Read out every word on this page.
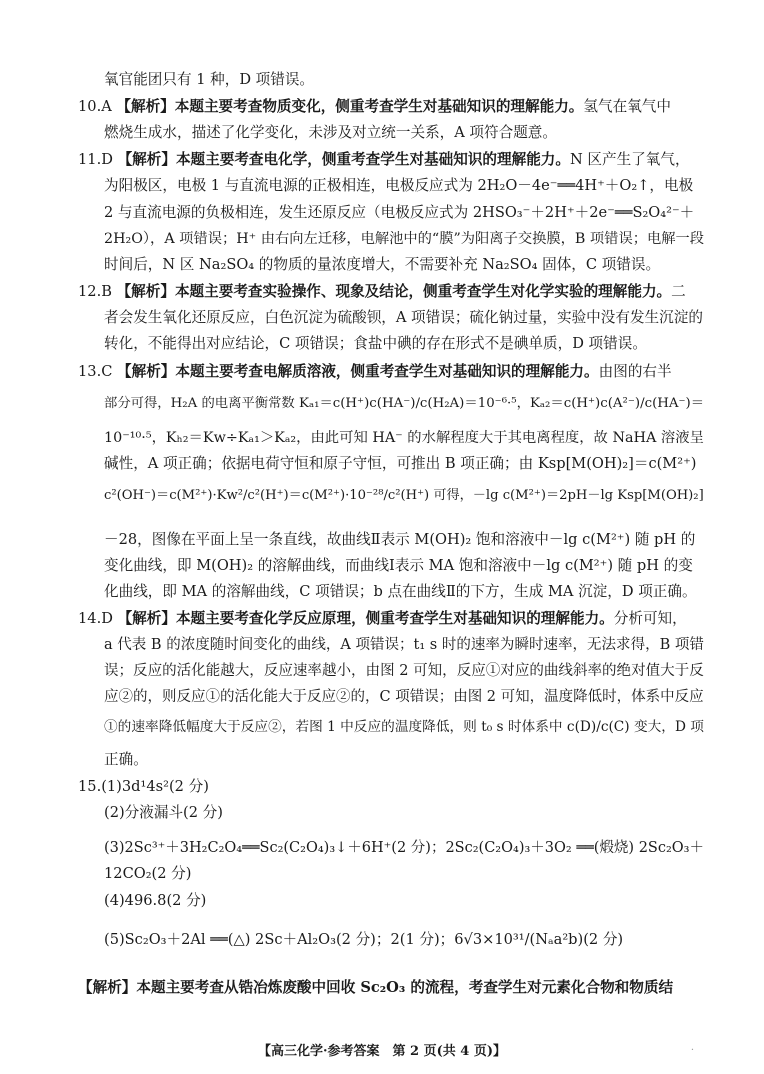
氧官能团只有 1 种，D 项错误。
10.A 【解析】本题主要考查物质变化，侧重考查学生对基础知识的理解能力。氢气在氧气中
燃烧生成水，描述了化学变化，未涉及对立统一关系，A 项符合题意。
11.D 【解析】本题主要考查电化学，侧重考查学生对基础知识的理解能力。N 区产生了氧气，
为阳极区，电极 1 与直流电源的正极相连，电极反应式为 2H₂O－4e⁻══4H⁺＋O₂↑，电极
2 与直流电源的负极相连，发生还原反应（电极反应式为 2HSO₃⁻＋2H⁺＋2e⁻══S₂O₄²⁻＋
2H₂O），A 项错误；H⁺ 由右向左迁移，电解池中的“膜”为阳离子交换膜，B 项错误；电解一段
时间后，N 区 Na₂SO₄ 的物质的量浓度增大，不需要补充 Na₂SO₄ 固体，C 项错误。
12.B 【解析】本题主要考查实验操作、现象及结论，侧重考查学生对化学实验的理解能力。二
者会发生氧化还原反应，白色沉淀为硫酸钡，A 项错误；硫化钠过量，实验中没有发生沉淀的
转化，不能得出对应结论，C 项错误；食盐中碘的存在形式不是碘单质，D 项错误。
13.C 【解析】本题主要考查电解质溶液，侧重考查学生对基础知识的理解能力。由图的右半
部分可得，H₂A 的电离平衡常数 Kₐ₁＝c(H⁺)c(HA⁻)/c(H₂A)＝10⁻⁶·⁵，Kₐ₂＝c(H⁺)c(A²⁻)/c(HA⁻)＝
10⁻¹⁰·⁵，Kₕ₂＝Kw÷Kₐ₁＞Kₐ₂，由此可知 HA⁻ 的水解程度大于其电离程度，故 NaHA 溶液呈
碱性，A 项正确；依据电荷守恒和原子守恒，可推出 B 项正确；由 Ksp[M(OH)₂]＝c(M²⁺)
c²(OH⁻)＝c(M²⁺)·Kw²/c²(H⁺)＝c(M²⁺)·10⁻²⁸/c²(H⁺) 可得，－lg c(M²⁺)＝2pH－lg Ksp[M(OH)₂]
－28，图像在平面上呈一条直线，故曲线Ⅱ表示 M(OH)₂ 饱和溶液中－lg c(M²⁺) 随 pH 的
变化曲线，即 M(OH)₂ 的溶解曲线，而曲线Ⅰ表示 MA 饱和溶液中－lg c(M²⁺) 随 pH 的变
化曲线，即 MA 的溶解曲线，C 项错误；b 点在曲线Ⅱ的下方，生成 MA 沉淀，D 项正确。
14.D 【解析】本题主要考查化学反应原理，侧重考查学生对基础知识的理解能力。分析可知，
a 代表 B 的浓度随时间变化的曲线，A 项错误；t₁ s 时的速率为瞬时速率，无法求得，B 项错
误；反应的活化能越大，反应速率越小，由图 2 可知，反应①对应的曲线斜率的绝对值大于反
应②的，则反应①的活化能大于反应②的，C 项错误；由图 2 可知，温度降低时，体系中反应
①的速率降低幅度大于反应②，若图 1 中反应的温度降低，则 t₀ s 时体系中 c(D)/c(C) 变大，D 项
正确。
15.(1)3d¹4s²(2 分)
(2)分液漏斗(2 分)
(3)2Sc³⁺＋3H₂C₂O₄══Sc₂(C₂O₄)₃↓＋6H⁺(2 分)；2Sc₂(C₂O₄)₃＋3O₂ ══(煅烧) 2Sc₂O₃＋
12CO₂(2 分)
(4)496.8(2 分)
(5)Sc₂O₃＋2Al ══(△) 2Sc＋Al₂O₃(2 分)；2(1 分)；6√3×10³¹/(Nₐa²b)(2 分)
【解析】本题主要考查从锆冶炼废酸中回收 Sc₂O₃ 的流程，考查学生对元素化合物和物质结
【高三化学·参考答案　第 2 页(共 4 页)】	·
